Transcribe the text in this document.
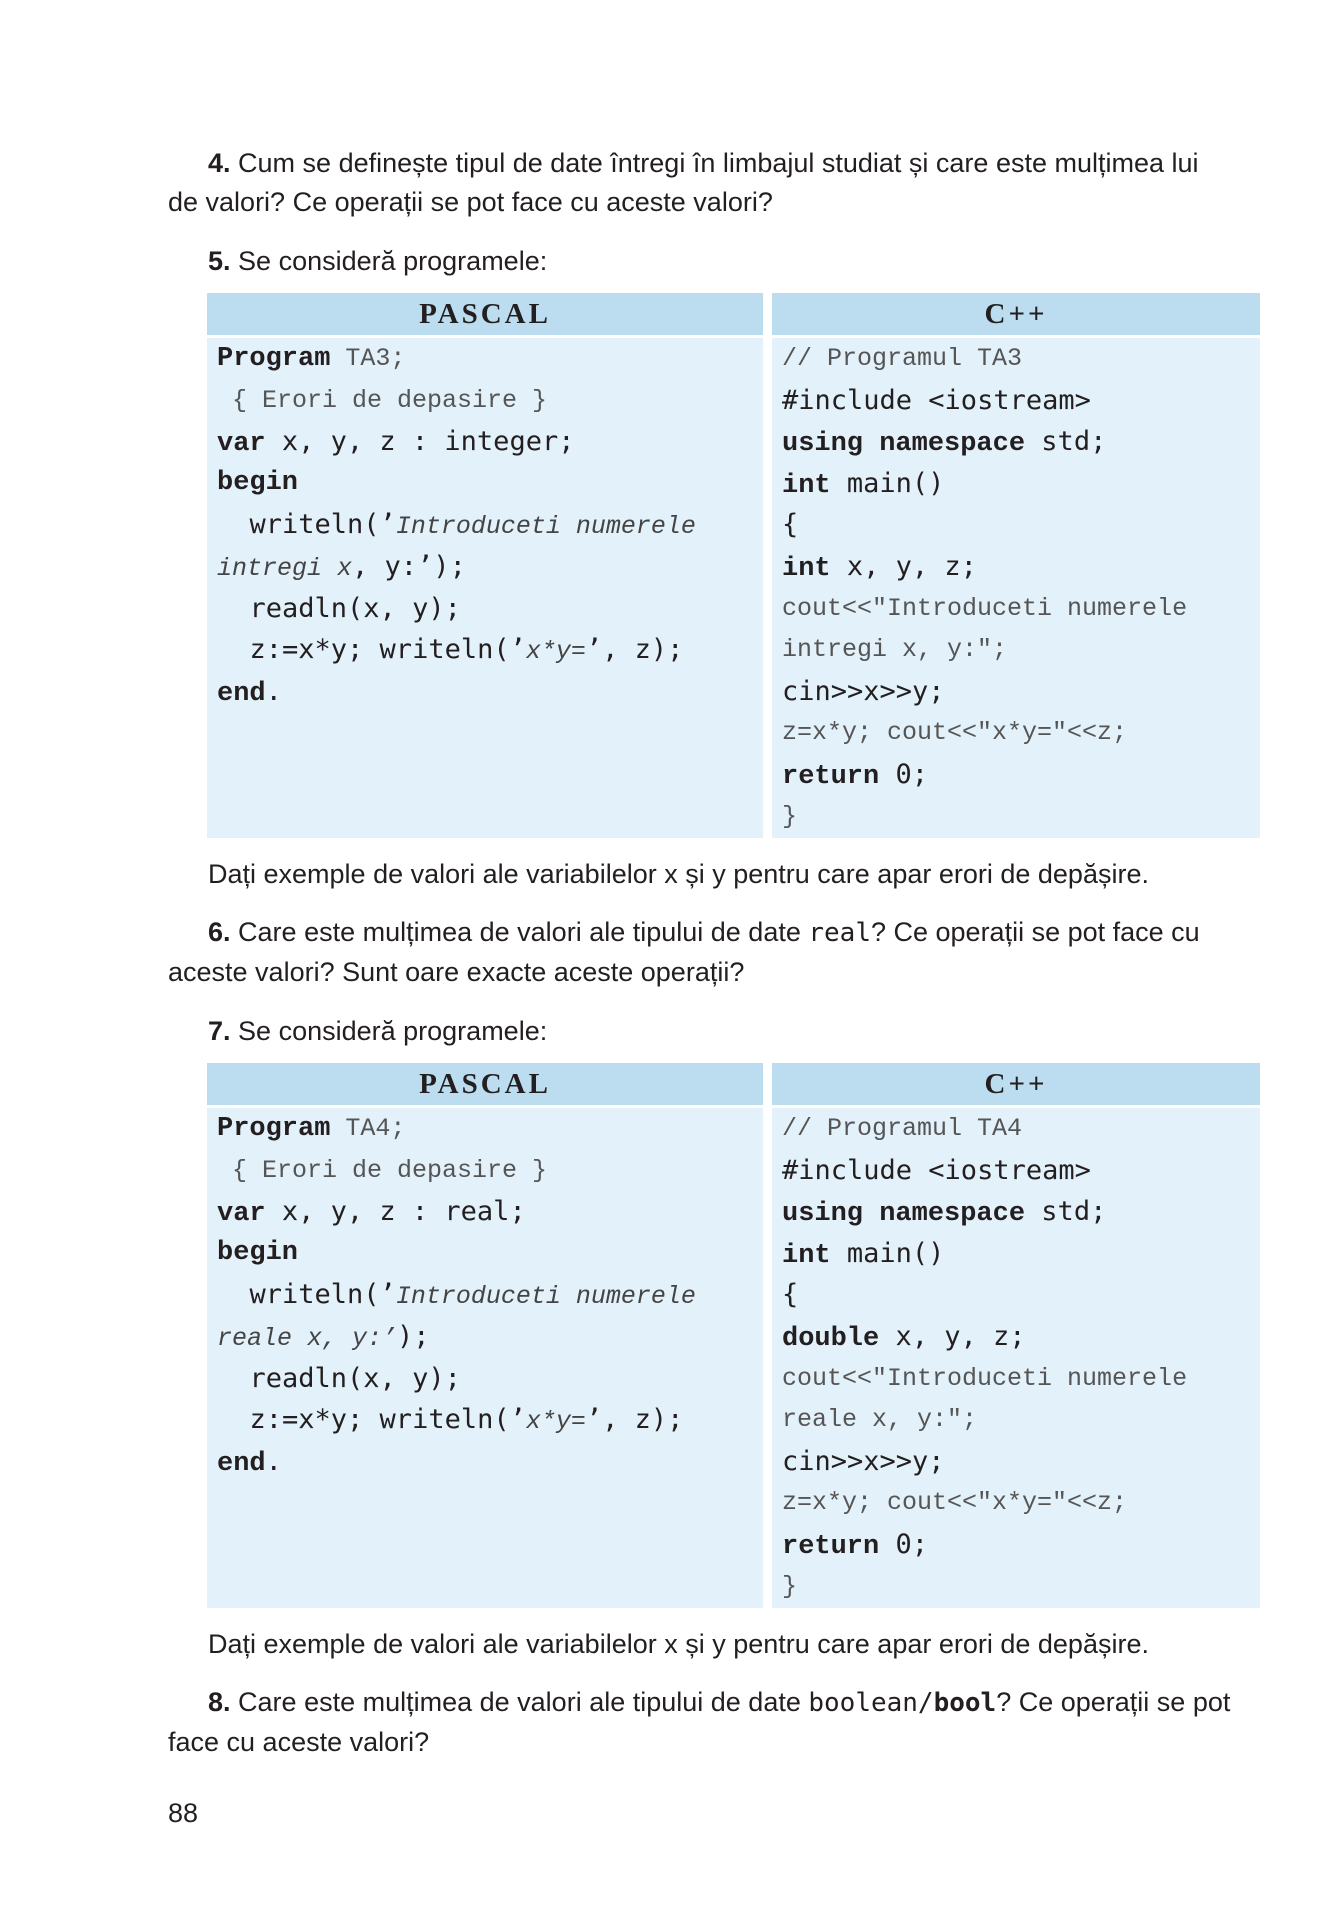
4. Cum se definește tipul de date întregi în limbajul studiat și care este mulțimea lui
de valori? Ce operații se pot face cu aceste valori?
5. Se consideră programele:
PASCAL
Program TA3;
{ Erori de depasire }
var x, y, z : integer;
begin
writeln(’Introduceti numerele
intregi x, y:’);
readln(x, y);
z:=x*y; writeln(’x*y=’, z);
end.
C++
// Programul TA3
#include <iostream>
using namespace std;
int main()
{
int x, y, z;
cout<<"Introduceti numerele
intregi x, y:";
cin>>x>>y;
z=x*y; cout<<"x*y="<<z;
return 0;
}
Dați exemple de valori ale variabilelor x și y pentru care apar erori de depășire.
6. Care este mulțimea de valori ale tipului de date real? Ce operații se pot face cu
aceste valori? Sunt oare exacte aceste operații?
7. Se consideră programele:
PASCAL
Program TA4;
{ Erori de depasire }
var x, y, z : real;
begin
writeln(’Introduceti numerele
reale x, y:’);
readln(x, y);
z:=x*y; writeln(’x*y=’, z);
end.
C++
// Programul TA4
#include <iostream>
using namespace std;
int main()
{
double x, y, z;
cout<<"Introduceti numerele
reale x, y:";
cin>>x>>y;
z=x*y; cout<<"x*y="<<z;
return 0;
}
Dați exemple de valori ale variabilelor x și y pentru care apar erori de depășire.
8. Care este mulțimea de valori ale tipului de date boolean/bool? Ce operații se pot
face cu aceste valori?
88
